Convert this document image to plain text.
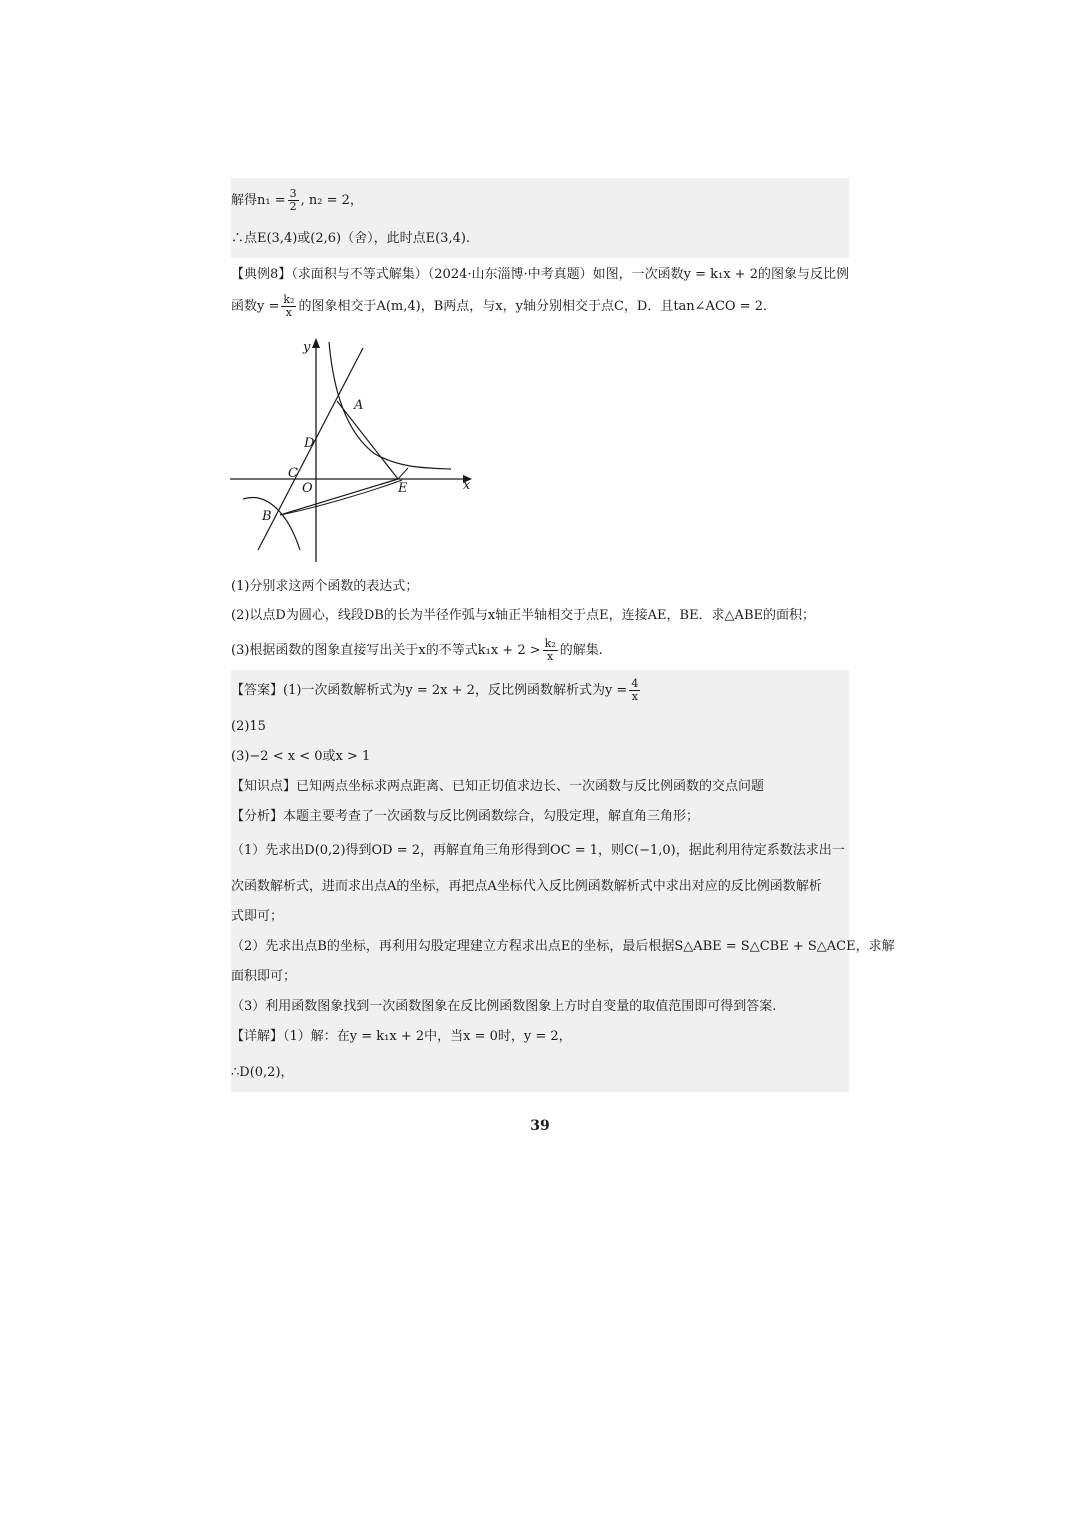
解得$n_1 = \frac{3}{2}$ , n₂ = 2，
∴点E(3,4)或(2,6)（舍），此时点E(3,4).
【典例8】（求面积与不等式解集）（2024·山东淄博·中考真题）如图，一次函数y = k₁x + 2的图象与反比例
函数$y = \frac{\text{k₂}}{x}$ 的图象相交于A(m,4)，B两点，与x，y轴分别相交于点C，D．且tan∠ACO = 2．
y
x
A
D
C
O	E
B
(1)分别求这两个函数的表达式；
(2)以点D为圆心，线段DB的长为半径作弧与x轴正半轴相交于点E，连接AE，BE．求△ABE的面积；
(3)根据函数的图象直接写出关于x的不等式$k_1x + 2 > \frac{\text{k₂}}{x}$ 的解集.
【答案】(1)一次函数解析式为y = 2x + 2，反比例函数解析式为$y = \frac{4}{x}$
(2)15
(3)−2 < x < 0或x > 1
【知识点】已知两点坐标求两点距离、已知正切值求边长、一次函数与反比例函数的交点问题
【分析】本题主要考查了一次函数与反比例函数综合，勾股定理，解直角三角形；
（1）先求出D(0,2)得到OD = 2，再解直角三角形得到OC = 1，则C(−1,0)，据此利用待定系数法求出一
次函数解析式，进而求出点A的坐标，再把点A坐标代入反比例函数解析式中求出对应的反比例函数解析
式即可；
（2）先求出点B的坐标，再利用勾股定理建立方程求出点E的坐标，最后根据S△ABE = S△CBE + S△ACE，求解
面积即可；
（3）利用函数图象找到一次函数图象在反比例函数图象上方时自变量的取值范围即可得到答案.
【详解】（1）解：在y = k₁x + 2中，当x = 0时，y = 2，
∴D(0,2)，
39
